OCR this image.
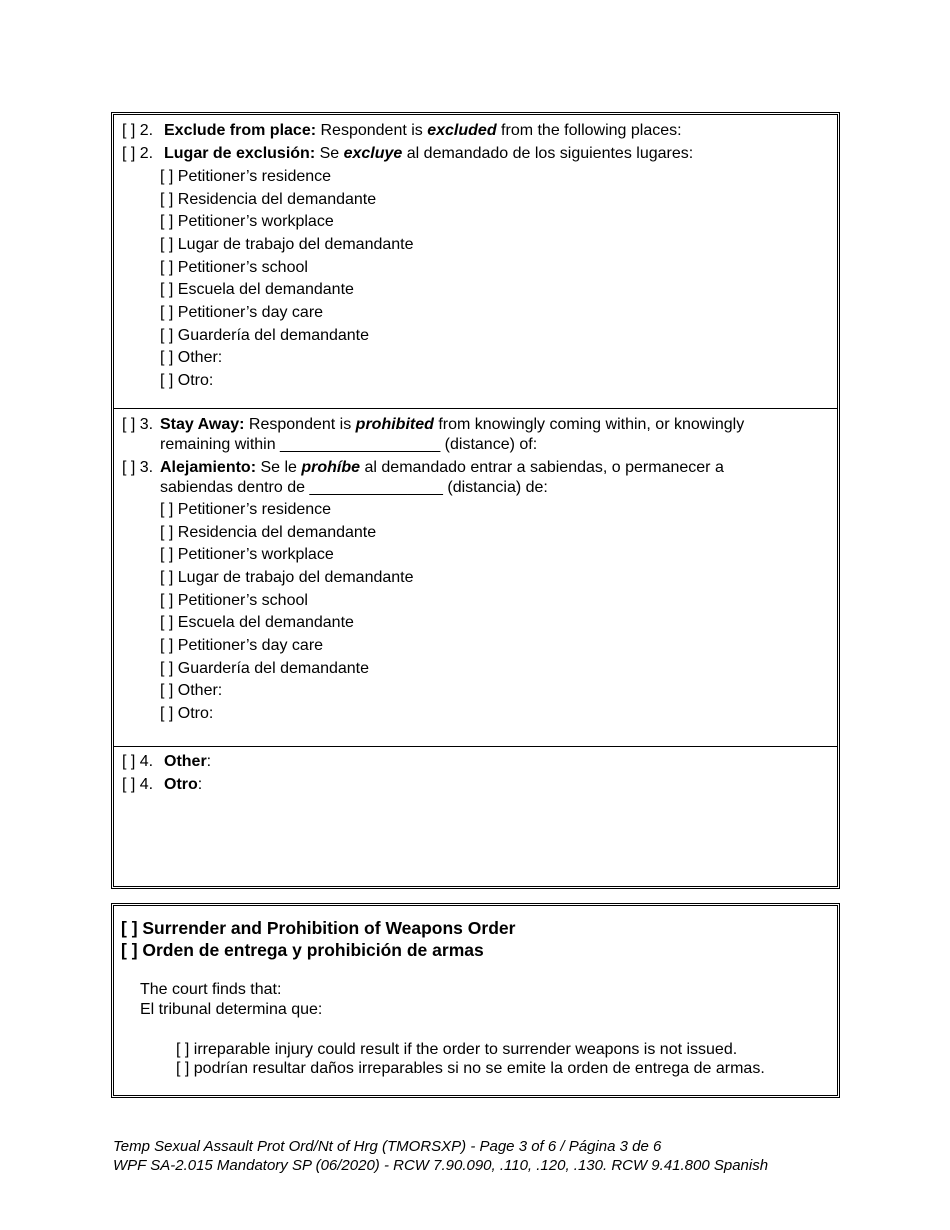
[ ] 2. Exclude from place: Respondent is excluded from the following places:
[ ] 2. Lugar de exclusión: Se excluye al demandado de los siguientes lugares:
[ ] Petitioner’s residence
[ ] Residencia del demandante
[ ] Petitioner’s workplace
[ ] Lugar de trabajo del demandante
[ ] Petitioner’s school
[ ] Escuela del demandante
[ ] Petitioner’s day care
[ ] Guardería del demandante
[ ] Other:
[ ] Otro:
[ ] 3. Stay Away: Respondent is prohibited from knowingly coming within, or knowingly
remaining within __________________ (distance) of:
[ ] 3. Alejamiento: Se le prohíbe al demandado entrar a sabiendas, o permanecer a
sabiendas dentro de _______________ (distancia) de:
[ ] Petitioner’s residence
[ ] Residencia del demandante
[ ] Petitioner’s workplace
[ ] Lugar de trabajo del demandante
[ ] Petitioner’s school
[ ] Escuela del demandante
[ ] Petitioner’s day care
[ ] Guardería del demandante
[ ] Other:
[ ] Otro:
[ ] 4. Other:
[ ] 4. Otro:
[ ] Surrender and Prohibition of Weapons Order
[ ] Orden de entrega y prohibición de armas
The court finds that:
El tribunal determina que:
[ ] irreparable injury could result if the order to surrender weapons is not issued.
[ ] podrían resultar daños irreparables si no se emite la orden de entrega de armas.
Temp Sexual Assault Prot Ord/Nt of Hrg (TMORSXP) - Page 3 of 6 / Página 3 de 6
WPF SA-2.015 Mandatory SP (06/2020) - RCW 7.90.090, .110, .120, .130. RCW 9.41.800 Spanish
